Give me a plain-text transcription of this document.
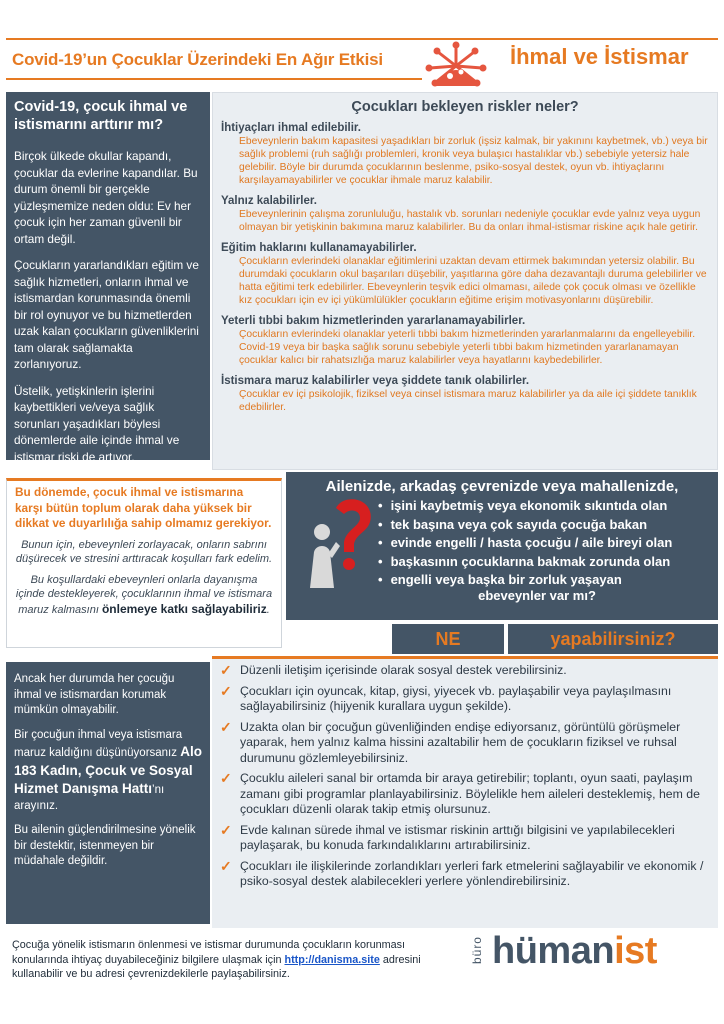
Covid-19’un Çocuklar Üzerindeki En Ağır Etkisi	İhmal ve İstismar
Covid-19, çocuk ihmal ve istismarını arttırır mı?

Birçok ülkede okullar kapandı, çocuklar da evlerine kapandılar. Bu durum önemli bir gerçekle yüzleşmemize neden oldu: Ev her çocuk için her zaman güvenli bir ortam değil.

Çocukların yararlandıkları eğitim ve sağlık hizmetleri, onların ihmal ve istismardan korunmasında önemli bir rol oynuyor ve bu hizmetlerden uzak kalan çocukların güvenliklerini tam olarak sağlamakta zorlanıyoruz.

Üstelik, yetişkinlerin işlerini kaybettikleri ve/veya sağlık sorunları yaşadıkları böylesi dönemlerde aile içinde ihmal ve istismar riski de artıyor.

Çocukları bekleyen riskler neler?
İhtiyaçları ihmal edilebilir.
Ebeveynlerin bakım kapasitesi yaşadıkları bir zorluk (işsiz kalmak, bir yakınını kaybetmek, vb.) veya bir sağlık problemi (ruh sağlığı problemleri, kronik veya bulaşıcı hastalıklar vb.) sebebiyle yetersiz hale gelebilir. Böyle bir durumda çocuklarının beslenme, psiko-sosyal destek, oyun vb. ihtiyaçlarını karşılayamayabilirler ve çocuklar ihmale maruz kalabilir.
Yalnız kalabilirler.
Ebeveynlerinin çalışma zorunluluğu, hastalık vb. sorunları nedeniyle çocuklar evde yalnız veya uygun olmayan bir yetişkinin bakımına maruz kalabilirler. Bu da onları ihmal-istismar riskine açık hale getirir.
Eğitim haklarını kullanamayabilirler.
Çocukların evlerindeki olanaklar eğitimlerini uzaktan devam ettirmek bakımından yetersiz olabilir. Bu durumdaki çocukların okul başarıları düşebilir, yaşıtlarına göre daha dezavantajlı duruma gelebilirler ve hatta eğitimi terk edebilirler. Ebeveynlerin teşvik edici olmaması, ailede çok çocuk olması ve özellikle kız çocukları için ev içi yükümlülükler çocukların eğitime erişim motivasyonlarını düşürebilir.
Yeterli tıbbi bakım hizmetlerinden yararlanamayabilirler.
Çocukların evlerindeki olanaklar yeterli tıbbi bakım hizmetlerinden yararlanmalarını da engelleyebilir. Covid-19 veya bir başka sağlık sorunu sebebiyle yeterli tıbbi bakım hizmetinden yararlanamayan çocuklar kalıcı bir rahatsızlığa maruz kalabilirler veya hayatlarını kaybedebilirler.
İstismara maruz kalabilirler veya şiddete tanık olabilirler.
Çocuklar ev içi psikolojik, fiziksel veya cinsel istismara maruz kalabilirler ya da aile içi şiddete tanıklık edebilirler.
Bu dönemde, çocuk ihmal ve istismarına karşı bütün toplum olarak daha yüksek bir dikkat ve duyarlılığa sahip olmamız gerekiyor.
Bunun için, ebeveynleri zorlayacak, onların sabrını düşürecek ve stresini arttıracak koşulları fark edelim.
Bu koşullardaki ebeveynleri onlarla dayanışma içinde destekleyerek, çocuklarının ihmal ve istismara maruz kalmasını önlemeye katkı sağlayabiliriz.
Ailenizde, arkadaş çevrenizde veya mahallenizde,
• işini kaybetmiş veya ekonomik sıkıntıda olan
• tek başına veya çok sayıda çocuğa bakan
• evinde engelli / hasta çocuğu / aile bireyi olan
• başkasının çocuklarına bakmak zorunda olan
• engelli veya başka bir zorluk yaşayan
ebeveynler var mı?
NE	yapabilirsiniz?

Ancak her durumda her çocuğu ihmal ve istismardan korumak mümkün olmayabilir.

Bir çocuğun ihmal veya istismara maruz kaldığını düşünüyorsanız Alo 183 Kadın, Çocuk ve Sosyal Hizmet Danışma Hattı’nı arayınız.

Bu ailenin güçlendirilmesine yönelik bir destektir, istenmeyen bir müdahale değildir.

✓ Düzenli iletişim içerisinde olarak sosyal destek verebilirsiniz.
✓ Çocukları için oyuncak, kitap, giysi, yiyecek vb. paylaşabilir veya paylaşılmasını sağlayabilirsiniz (hijyenik kurallara uygun şekilde).
✓ Uzakta olan bir çocuğun güvenliğinden endişe ediyorsanız, görüntülü görüşmeler yaparak, hem yalnız kalma hissini azaltabilir hem de çocukların fiziksel ve ruhsal durumunu gözlemleyebilirsiniz.
✓ Çocuklu aileleri sanal bir ortamda bir araya getirebilir; toplantı, oyun saati, paylaşım zamanı gibi programlar planlayabilirsiniz. Böylelikle hem aileleri desteklemiş, hem de çocukları düzenli olarak takip etmiş olursunuz.
✓ Evde kalınan sürede ihmal ve istismar riskinin arttığı bilgisini ve yapılabilecekleri paylaşarak, bu konuda farkındalıklarını artırabilirsiniz.
✓ Çocukları ile ilişkilerinde zorlandıkları yerleri fark etmelerini sağlayabilir ve ekonomik / psiko-sosyal destek alabilecekleri yerlere yönlendirebilirsiniz.
Çocuğa yönelik istismarın önlenmesi ve istismar durumunda çocukların korunması konularında ihtiyaç duyabileceğiniz bilgilere ulaşmak için http://danisma.site adresini kullanabilir ve bu adresi çevrenizdekilerle paylaşabilirsiniz.
büro hümanist
